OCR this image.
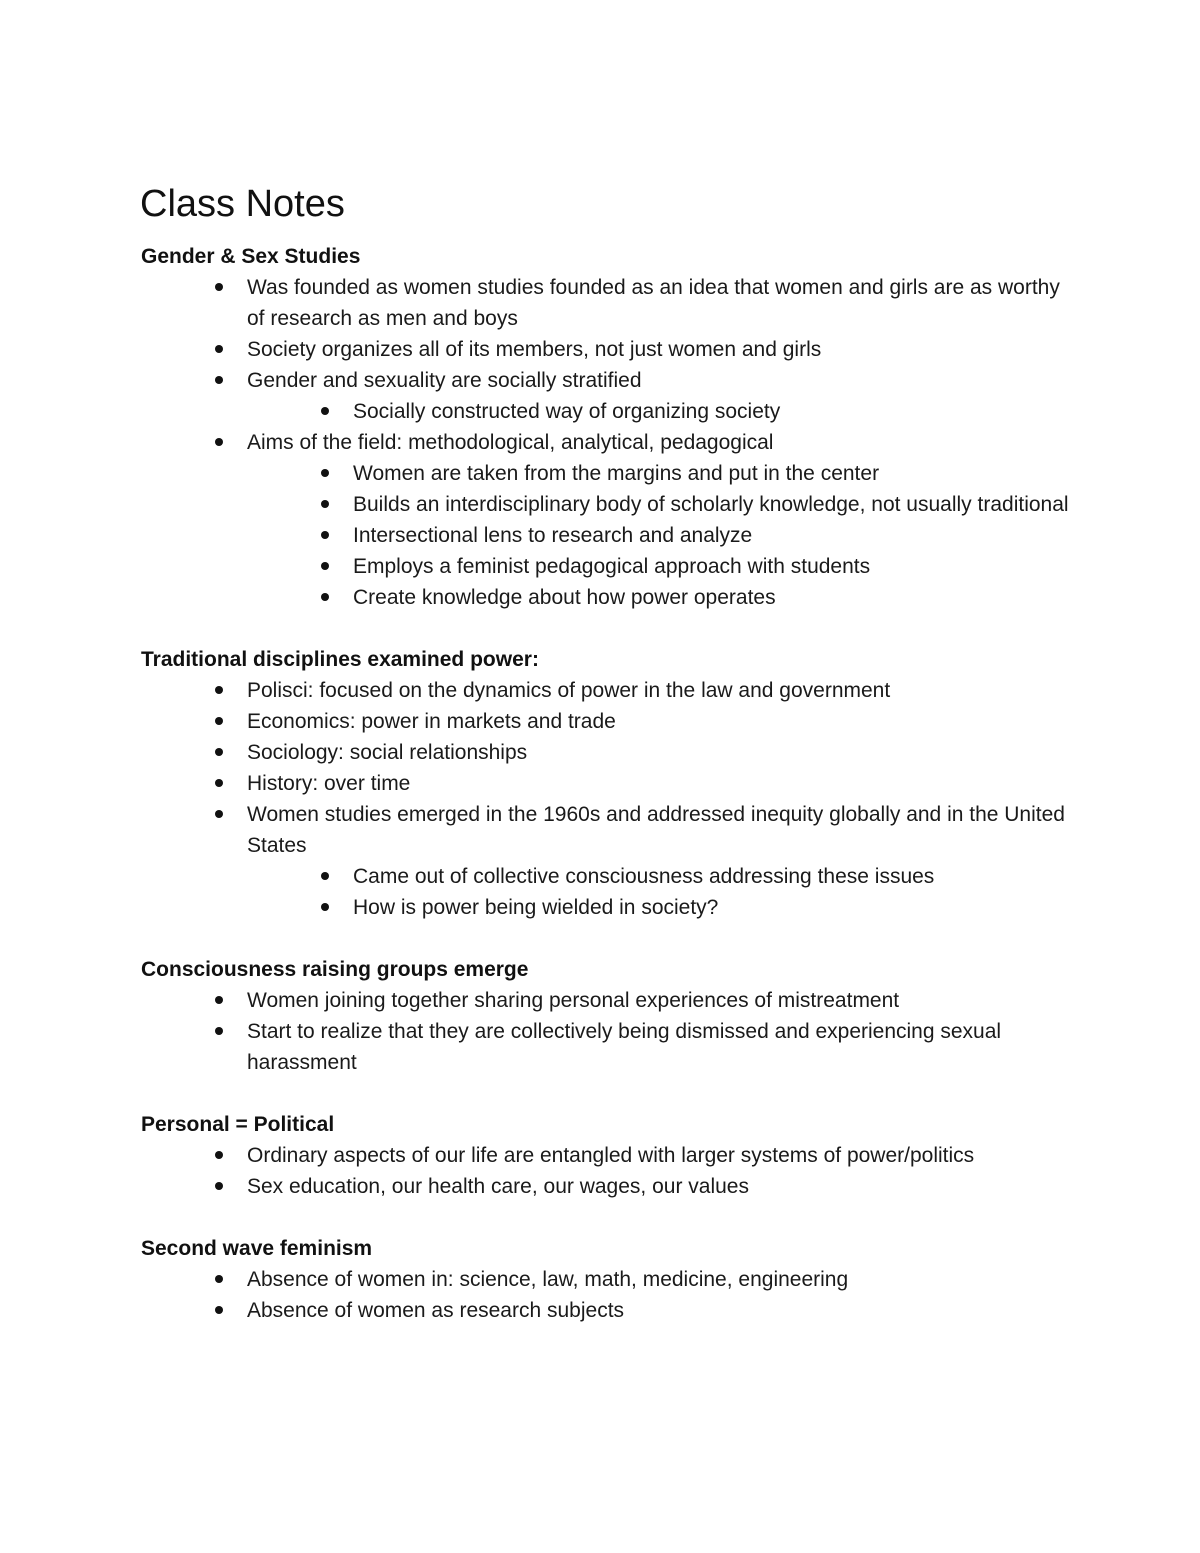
Class Notes
Gender & Sex Studies
Was founded as women studies founded as an idea that women and girls are as worthy of research as men and boys
Society organizes all of its members, not just women and girls
Gender and sexuality are socially stratified
Socially constructed way of organizing society
Aims of the field: methodological, analytical, pedagogical
Women are taken from the margins and put in the center
Builds an interdisciplinary body of scholarly knowledge, not usually traditional
Intersectional lens to research and analyze
Employs a feminist pedagogical approach with students
Create knowledge about how power operates
Traditional disciplines examined power:
Polisci: focused on the dynamics of power in the law and government
Economics: power in markets and trade
Sociology: social relationships
History: over time
Women studies emerged in the 1960s and addressed inequity globally and in the United States
Came out of collective consciousness addressing these issues
How is power being wielded in society?
Consciousness raising groups emerge
Women joining together sharing personal experiences of mistreatment
Start to realize that they are collectively being dismissed and experiencing sexual harassment
Personal = Political
Ordinary aspects of our life are entangled with larger systems of power/politics
Sex education, our health care, our wages, our values
Second wave feminism
Absence of women in: science, law, math, medicine, engineering
Absence of women as research subjects
